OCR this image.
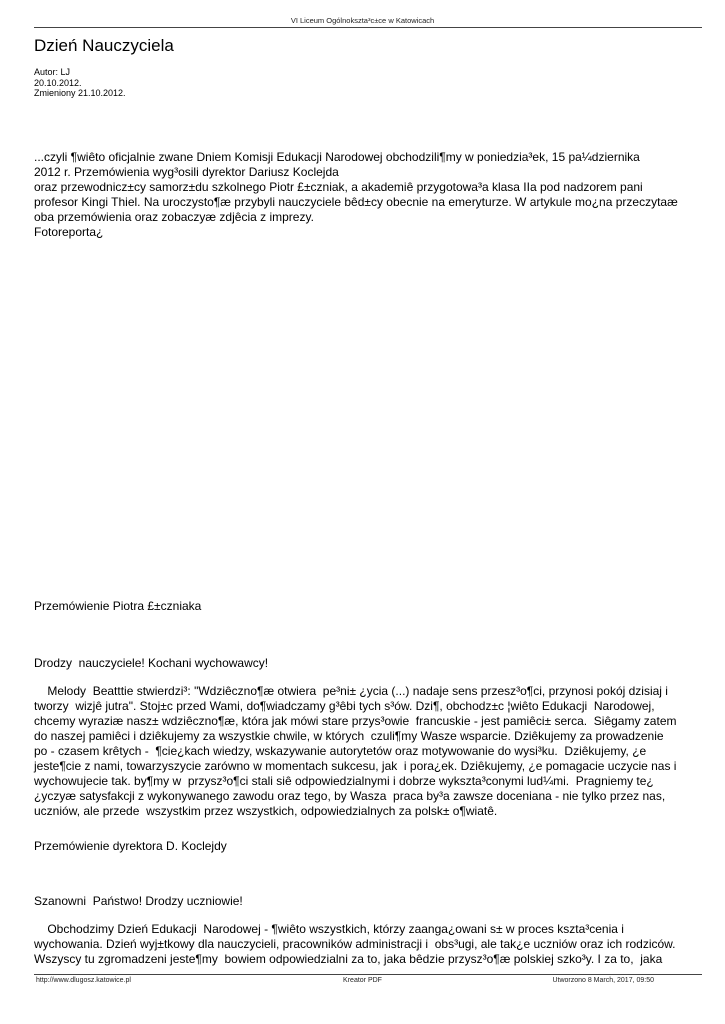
VI Liceum Ogólnokszta³c±ce w Katowicach
Dzień Nauczyciela
Autor: LJ
20.10.2012.
Zmieniony 21.10.2012.

...czyli ¶wiêto oficjalnie zwane Dniem Komisji Edukacji Narodowej obchodzili¶my w poniedzia³ek, 15 pa¼dziernika
2012 r. Przemówienia wyg³osili dyrektor Dariusz Koclejda
oraz przewodnicz±cy samorz±du szkolnego Piotr £±czniak, a akademiê przygotowa³a klasa IIa pod nadzorem pani
profesor Kingi Thiel. Na uroczysto¶æ przybyli nauczyciele bêd±cy obecnie na emeryturze. W artykule mo¿na przeczytaæ
oba przemówienia oraz zobaczyæ zdjêcia z imprezy.
Fotoreporta¿

Przemówienie Piotra £±czniaka

Drodzy  nauczyciele! Kochani wychowawcy!

Melody  Beatttie stwierdzi³: "Wdziêczno¶æ otwiera  pe³ni± ¿ycia (...) nadaje sens przesz³o¶ci, przynosi pokój dzisiaj i
tworzy  wizjê jutra". Stoj±c przed Wami, do¶wiadczamy g³êbi tych s³ów. Dzi¶, obchodz±c ¦wiêto Edukacji  Narodowej,
chcemy wyraziæ nasz± wdziêczno¶æ, która jak mówi stare przys³owie  francuskie - jest pamiêci± serca.  Siêgamy zatem
do naszej pamiêci i dziêkujemy za wszystkie chwile, w których  czuli¶my Wasze wsparcie. Dziêkujemy za prowadzenie
po - czasem krêtych -  ¶cie¿kach wiedzy, wskazywanie autorytetów oraz motywowanie do wysi³ku.  Dziêkujemy, ¿e
jeste¶cie z nami, towarzyszycie zarówno w momentach sukcesu, jak  i pora¿ek. Dziêkujemy, ¿e pomagacie uczycie nas i
wychowujecie tak. by¶my w  przysz³o¶ci stali siê odpowiedzialnymi i dobrze wykszta³conymi lud¼mi.  Pragniemy te¿
¿yczyæ satysfakcji z wykonywanego zawodu oraz tego, by Wasza  praca by³a zawsze doceniana - nie tylko przez nas,
uczniów, ale przede  wszystkim przez wszystkich, odpowiedzialnych za polsk± o¶wiatê.

Przemówienie dyrektora D. Koclejdy

Szanowni  Państwo! Drodzy uczniowie!

Obchodzimy Dzień Edukacji  Narodowej - ¶wiêto wszystkich, którzy zaanga¿owani s± w proces kszta³cenia i
wychowania. Dzień wyj±tkowy dla nauczycieli, pracowników administracji i  obs³ugi, ale tak¿e uczniów oraz ich rodziców.
Wszyscy tu zgromadzeni jeste¶my  bowiem odpowiedzialni za to, jaka bêdzie przysz³o¶æ polskiej szko³y. I za to,  jaka

http://www.dlugosz.katowice.pl	Kreator PDF	Utworzono 8 March, 2017, 09:50
